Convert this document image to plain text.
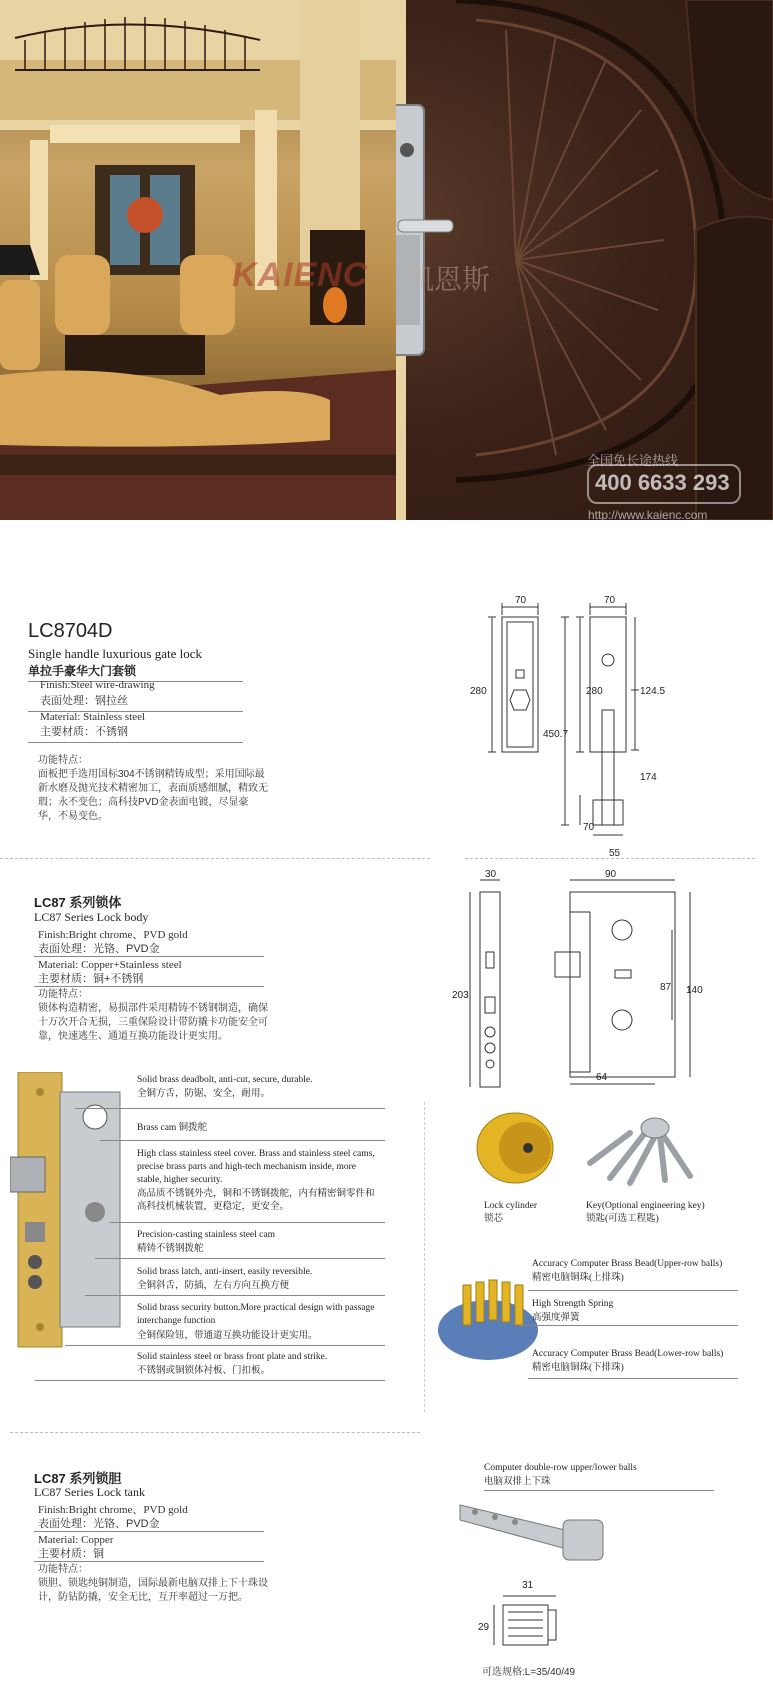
KAIENC 凯恩斯
全国免长途热线
400 6633 293
http://www.kaienc.com
LC8704D
Single handle luxurious gate lock
单拉手豪华大门套锁
Finish:Steel wire-drawing
表面处理：钢拉丝
Material: Stainless steel
主要材质：不锈钢
功能特点：
面板把手选用国标304不锈钢精铸成型；采用国际最新水磨及抛光技术精密加工，表面质感细腻，精致无瑕；永不变色；高科技PVD金表面电镀，尽显豪华，不易变色。
70	70
280	280
450.7
124.5
174
70
55
LC87 系列锁体
LC87 Series Lock body
Finish:Bright chrome、PVD gold
表面处理：光铬、PVD金
Material: Copper+Stainless steel
主要材质：铜+不锈钢
功能特点：
锁体构造精密，易损部件采用精铸不锈钢制造，确保十万次开合无损，三重保险设计带防撬卡功能安全可靠，快速逃生、通道互换功能设计更实用。
Solid brass deadbolt, anti-cut, secure, durable.
全铜方舌，防锯，安全，耐用。
Brass cam 铜拨舵
High class stainless steel cover. Brass and stainless steel cams, precise brass parts and high-tech mechanism inside, more stable, higher security.
高品质不锈钢外壳，铜和不锈钢拨舵，内有精密铜零件和高科技机械装置，更稳定，更安全。
Precision-casting stainless steel cam
精铸不锈钢拨舵
Solid brass latch, anti-insert, easily reversible.
全铜斜舌，防插，左右方向互换方便
Solid brass security button.More practical design with passage interchange function
全铜保险钮，带通道互换功能设计更实用。
Solid stainless steel or brass front plate and strike.
不锈钢或铜锁体衬板、门扣板。
30	90
203
87 140
64
Lock cylinder
锁芯
Key(Optional engineering key)
锁匙(可选工程匙)
Accuracy Computer Brass Bead(Upper-row balls)
精密电脑铜珠(上排珠)
High Strength Spring
高强度弹簧
Accuracy Computer Brass Bead(Lower-row balls)
精密电脑铜珠(下排珠)
LC87 系列锁胆
LC87 Series Lock tank
Finish:Bright chrome、PVD gold
表面处理：光铬、PVD金
Material: Copper
主要材质：铜
功能特点：
锁胆、锁匙纯铜制造，国际最新电脑双排上下十珠设计，防钻防撬，安全无比，互开率超过一万把。
Computer double-row upper/lower balls
电脑双排上下珠
31
29
可选规格:L=35/40/49
